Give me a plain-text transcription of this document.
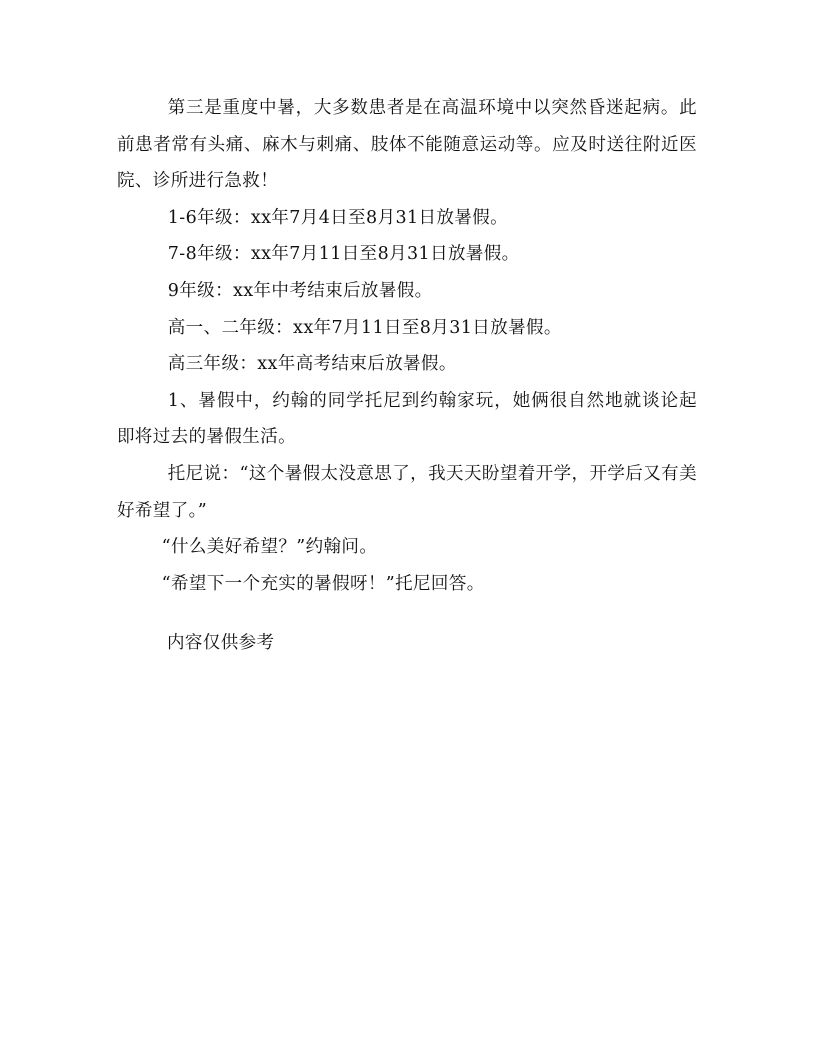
第三是重度中暑，大多数患者是在高温环境中以突然昏迷起病。此前患者常有头痛、麻木与刺痛、肢体不能随意运动等。应及时送往附近医院、诊所进行急救！

1-6年级：xx年7月4日至8月31日放暑假。

7-8年级：xx年7月11日至8月31日放暑假。

9年级：xx年中考结束后放暑假。

高一、二年级：xx年7月11日至8月31日放暑假。

高三年级：xx年高考结束后放暑假。

1、暑假中，约翰的同学托尼到约翰家玩，她俩很自然地就谈论起即将过去的暑假生活。

托尼说：“这个暑假太没意思了，我天天盼望着开学，开学后又有美好希望了。”

“什么美好希望？”约翰问。

“希望下一个充实的暑假呀！”托尼回答。

内容仅供参考
